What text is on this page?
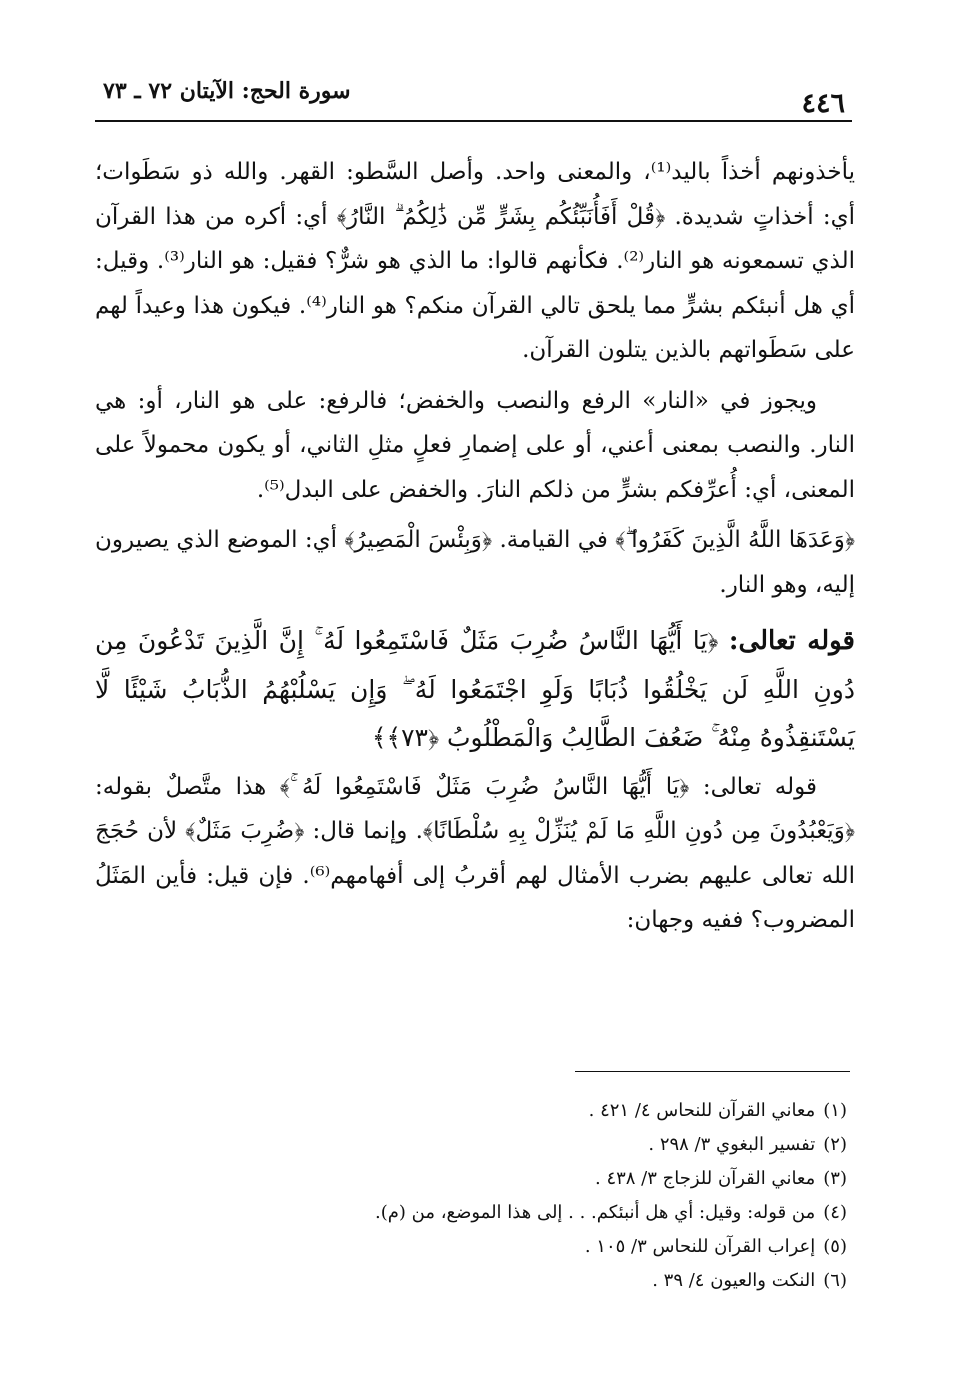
٤٤٦
سورة الحج: الآيتان ٧٢ ـ ٧٣

يأخذونهم أخذاً باليد⁽¹⁾، والمعنى واحد. وأصل السَّطو: القهر. والله ذو سَطَوات؛ أي: أخذاتٍ شديدة. ﴿قُلْ أَفَأُنَبِّئُكُم بِشَرٍّ مِّن ذَٰلِكُمُ ۗ النَّارُ﴾ أي: أكره من هذا القرآن الذي تسمعونه هو النار⁽²⁾. فكأنهم قالوا: ما الذي هو شرٌّ؟ فقيل: هو النار⁽³⁾. وقيل: أي هل أنبئكم بشرٍّ مما يلحق تالي القرآن منكم؟ هو النار⁽⁴⁾. فيكون هذا وعيداً لهم على سَطَواتهم بالذين يتلون القرآن.

ويجوز في «النار» الرفع والنصب والخفض؛ فالرفع: على هو النار، أو: هي النار. والنصب بمعنى أعني، أو على إضمارِ فعلٍ مثلِ الثاني، أو يكون محمولاً على المعنى، أي: أُعرِّفكم بشرٍّ من ذلكم النارَ. والخفض على البدل⁽⁵⁾.

﴿وَعَدَهَا اللَّهُ الَّذِينَ كَفَرُوا ۖ﴾ في القيامة. ﴿وَبِئْسَ الْمَصِيرُ﴾ أي: الموضع الذي يصيرون إليه، وهو النار.

قوله تعالى: ﴿يَا أَيُّهَا النَّاسُ ضُرِبَ مَثَلٌ فَاسْتَمِعُوا لَهُ ۚ إِنَّ الَّذِينَ تَدْعُونَ مِن دُونِ اللَّهِ لَن يَخْلُقُوا ذُبَابًا وَلَوِ اجْتَمَعُوا لَهُ ۖ وَإِن يَسْلُبْهُمُ الذُّبَابُ شَيْئًا لَّا يَسْتَنقِذُوهُ مِنْهُ ۚ ضَعُفَ الطَّالِبُ وَالْمَطْلُوبُ ﴿٧٣﴾﴾

قوله تعالى: ﴿يَا أَيُّهَا النَّاسُ ضُرِبَ مَثَلٌ فَاسْتَمِعُوا لَهُ ۚ﴾ هذا متَّصلٌ بقوله: ﴿وَيَعْبُدُونَ مِن دُونِ اللَّهِ مَا لَمْ يُنَزِّلْ بِهِ سُلْطَانًا﴾. وإنما قال: ﴿ضُرِبَ مَثَلٌ﴾ لأن حُجَجَ الله تعالى عليهم بضرب الأمثال لهم أقربُ إلى أفهامهم⁽⁶⁾. فإن قيل: فأين المَثَلُ المضروب؟ ففيه وجهان:

(١)معاني القرآن للنحاس ٤/ ٤٢١ .
(٢)تفسير البغوي ٣/ ٢٩٨ .
(٣)معاني القرآن للزجاج ٣/ ٤٣٨ .
(٤)من قوله: وقيل: أي هل أنبئكم. . . إلى هذا الموضع، من (م).
(٥)إعراب القرآن للنحاس ٣/ ١٠٥ .
(٦)النكت والعيون ٤/ ٣٩ .
